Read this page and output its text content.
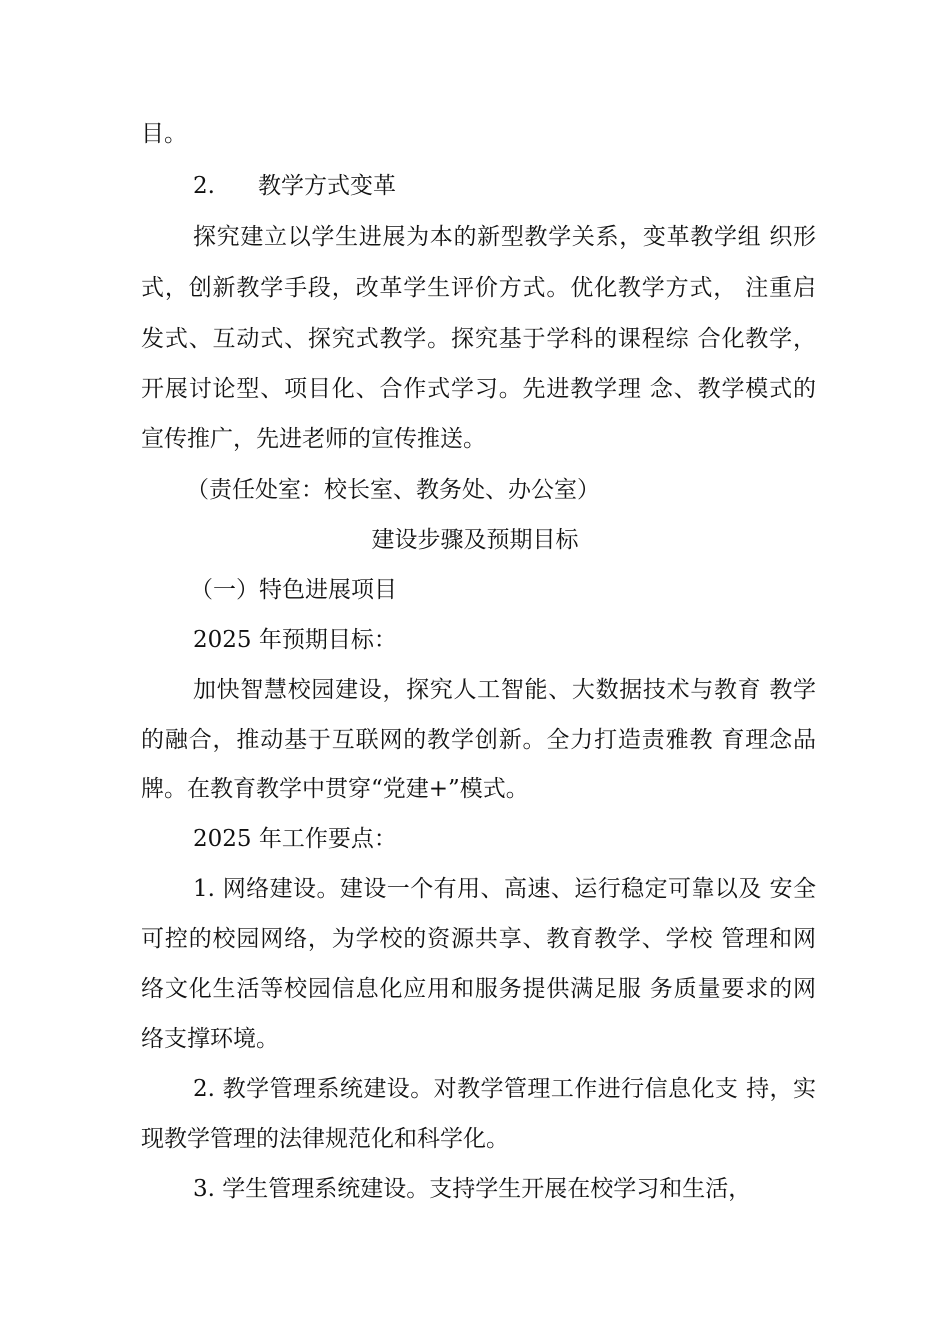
目。
2. 教学方式变革
探究建立以学生进展为本的新型教学关系，变革教学组 织形
式，创新教学手段，改革学生评价方式。优化教学方式， 注重启
发式、互动式、探究式教学。探究基于学科的课程综 合化教学，
开展讨论型、项目化、合作式学习。先进教学理 念、教学模式的
宣传推广，先进老师的宣传推送。
（责任处室：校长室、教务处、办公室）
建设步骤及预期目标
（一）特色进展项目
2025 年预期目标：
加快智慧校园建设，探究人工智能、大数据技术与教育 教学
的融合，推动基于互联网的教学创新。全力打造责雅教 育理念品
牌。在教育教学中贯穿“党建+”模式。
2025 年工作要点：
1. 网络建设。建设一个有用、高速、运行稳定可靠以及 安全
可控的校园网络，为学校的资源共享、教育教学、学校 管理和网
络文化生活等校园信息化应用和服务提供满足服 务质量要求的网
络支撑环境。
2. 教学管理系统建设。对教学管理工作进行信息化支 持，实
现教学管理的法律规范化和科学化。
3. 学生管理系统建设。支持学生开展在校学习和生活，
